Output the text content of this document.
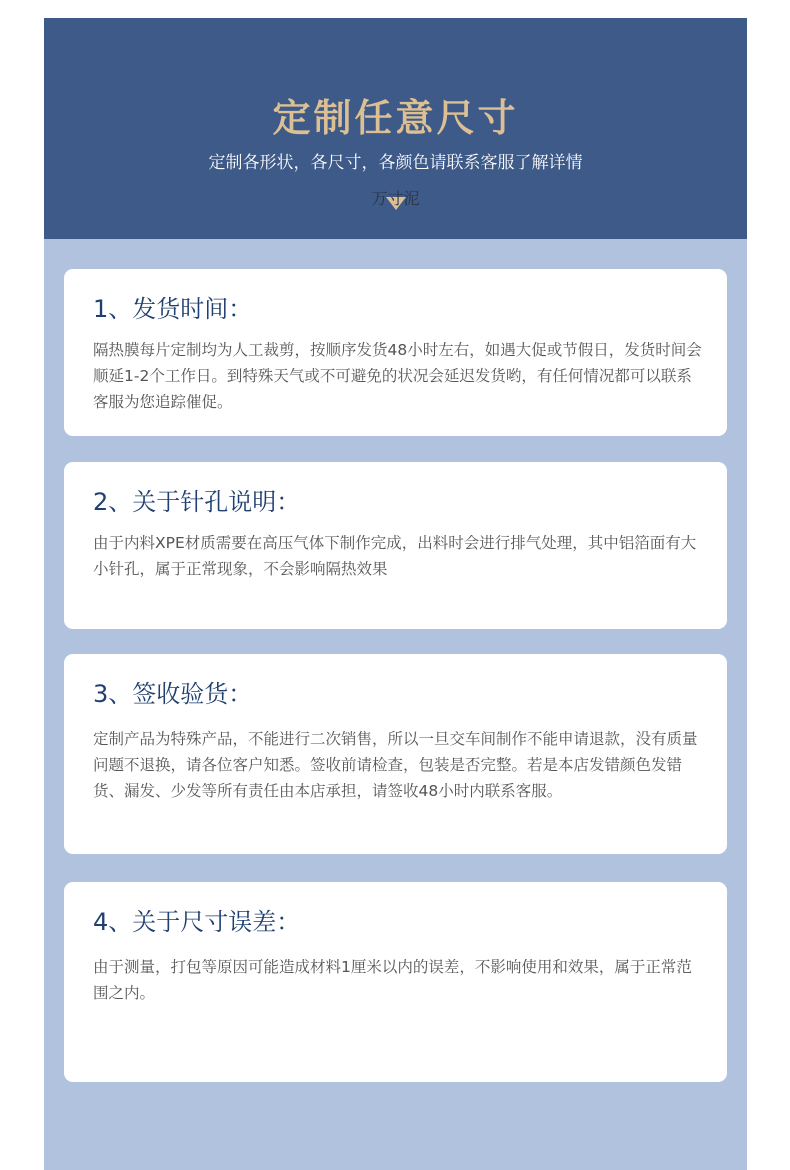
定制任意尺寸
定制各形状，各尺寸，各颜色请联系客服了解详情
万寸泥
1、发货时间：
隔热膜每片定制均为人工裁剪，按顺序发货48小时左右，如遇大促或节假日，发货时间会顺延1-2个工作日。到特殊天气或不可避免的状况会延迟发货哟，有任何情况都可以联系客服为您追踪催促。
2、关于针孔说明：
由于内料XPE材质需要在高压气体下制作完成，出料时会进行排气处理，其中铝箔面有大小针孔，属于正常现象，不会影响隔热效果
3、签收验货：
定制产品为特殊产品，不能进行二次销售，所以一旦交车间制作不能申请退款，没有质量问题不退换，请各位客户知悉。签收前请检查，包装是否完整。若是本店发错颜色发错货、漏发、少发等所有责任由本店承担，请签收48小时内联系客服。
4、关于尺寸误差：
由于测量，打包等原因可能造成材料1厘米以内的误差，不影响使用和效果，属于正常范围之内。
